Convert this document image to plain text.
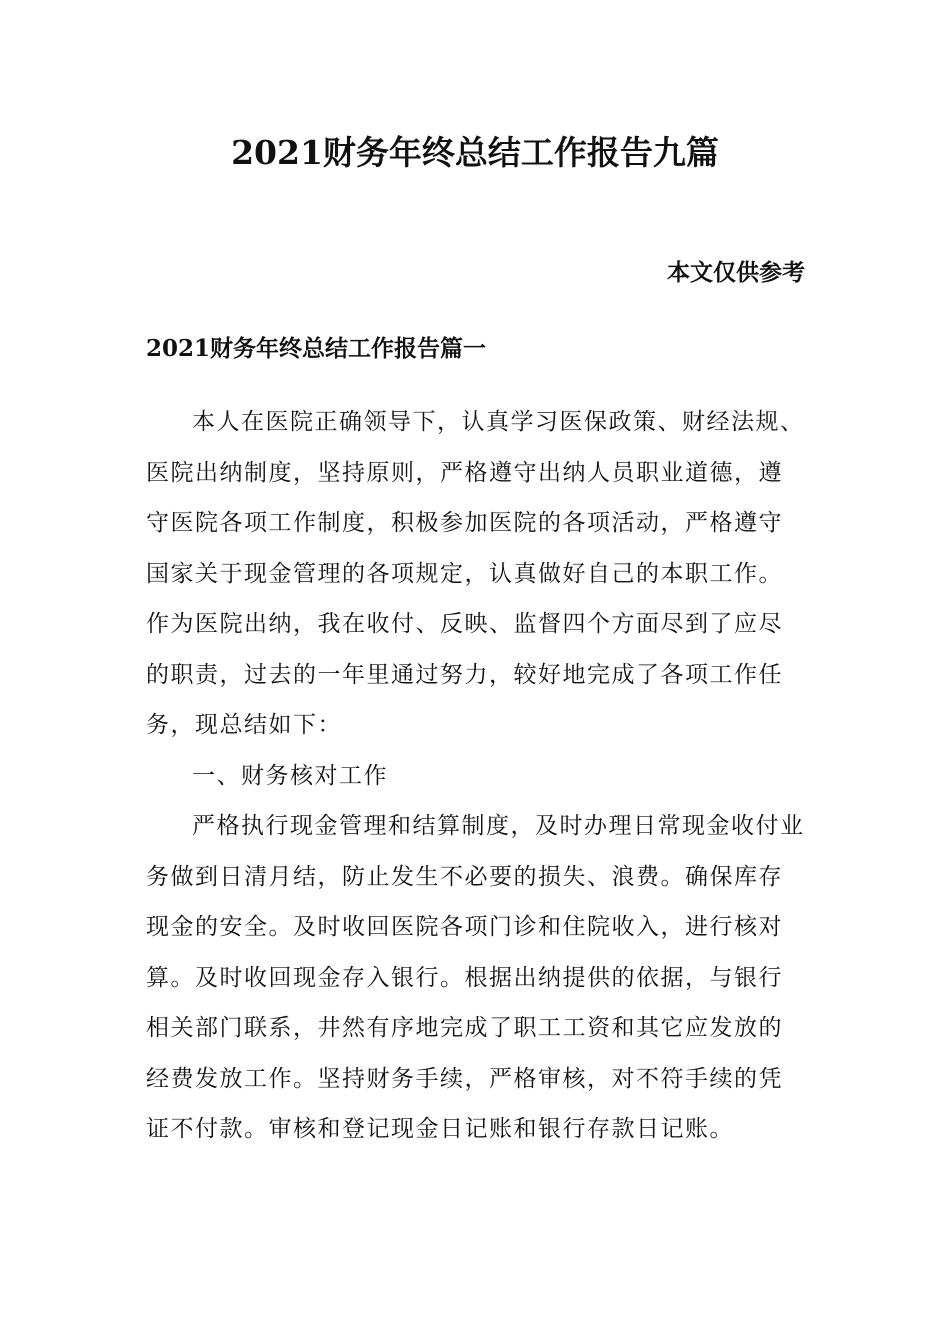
2021财务年终总结工作报告九篇
本文仅供参考
2021财务年终总结工作报告篇一

本人在医院正确领导下，认真学习医保政策、财经法规、医院出纳制度，坚持原则，严格遵守出纳人员职业道德，遵守医院各项工作制度，积极参加医院的各项活动，严格遵守国家关于现金管理的各项规定，认真做好自己的本职工作。作为医院出纳，我在收付、反映、监督四个方面尽到了应尽的职责，过去的一年里通过努力，较好地完成了各项工作任务，现总结如下：

一、财务核对工作

严格执行现金管理和结算制度，及时办理日常现金收付业务做到日清月结，防止发生不必要的损失、浪费。确保库存现金的安全。及时收回医院各项门诊和住院收入，进行核对算。及时收回现金存入银行。根据出纳提供的依据，与银行相关部门联系，井然有序地完成了职工工资和其它应发放的经费发放工作。坚持财务手续，严格审核，对不符手续的凭证不付款。审核和登记现金日记账和银行存款日记账。
